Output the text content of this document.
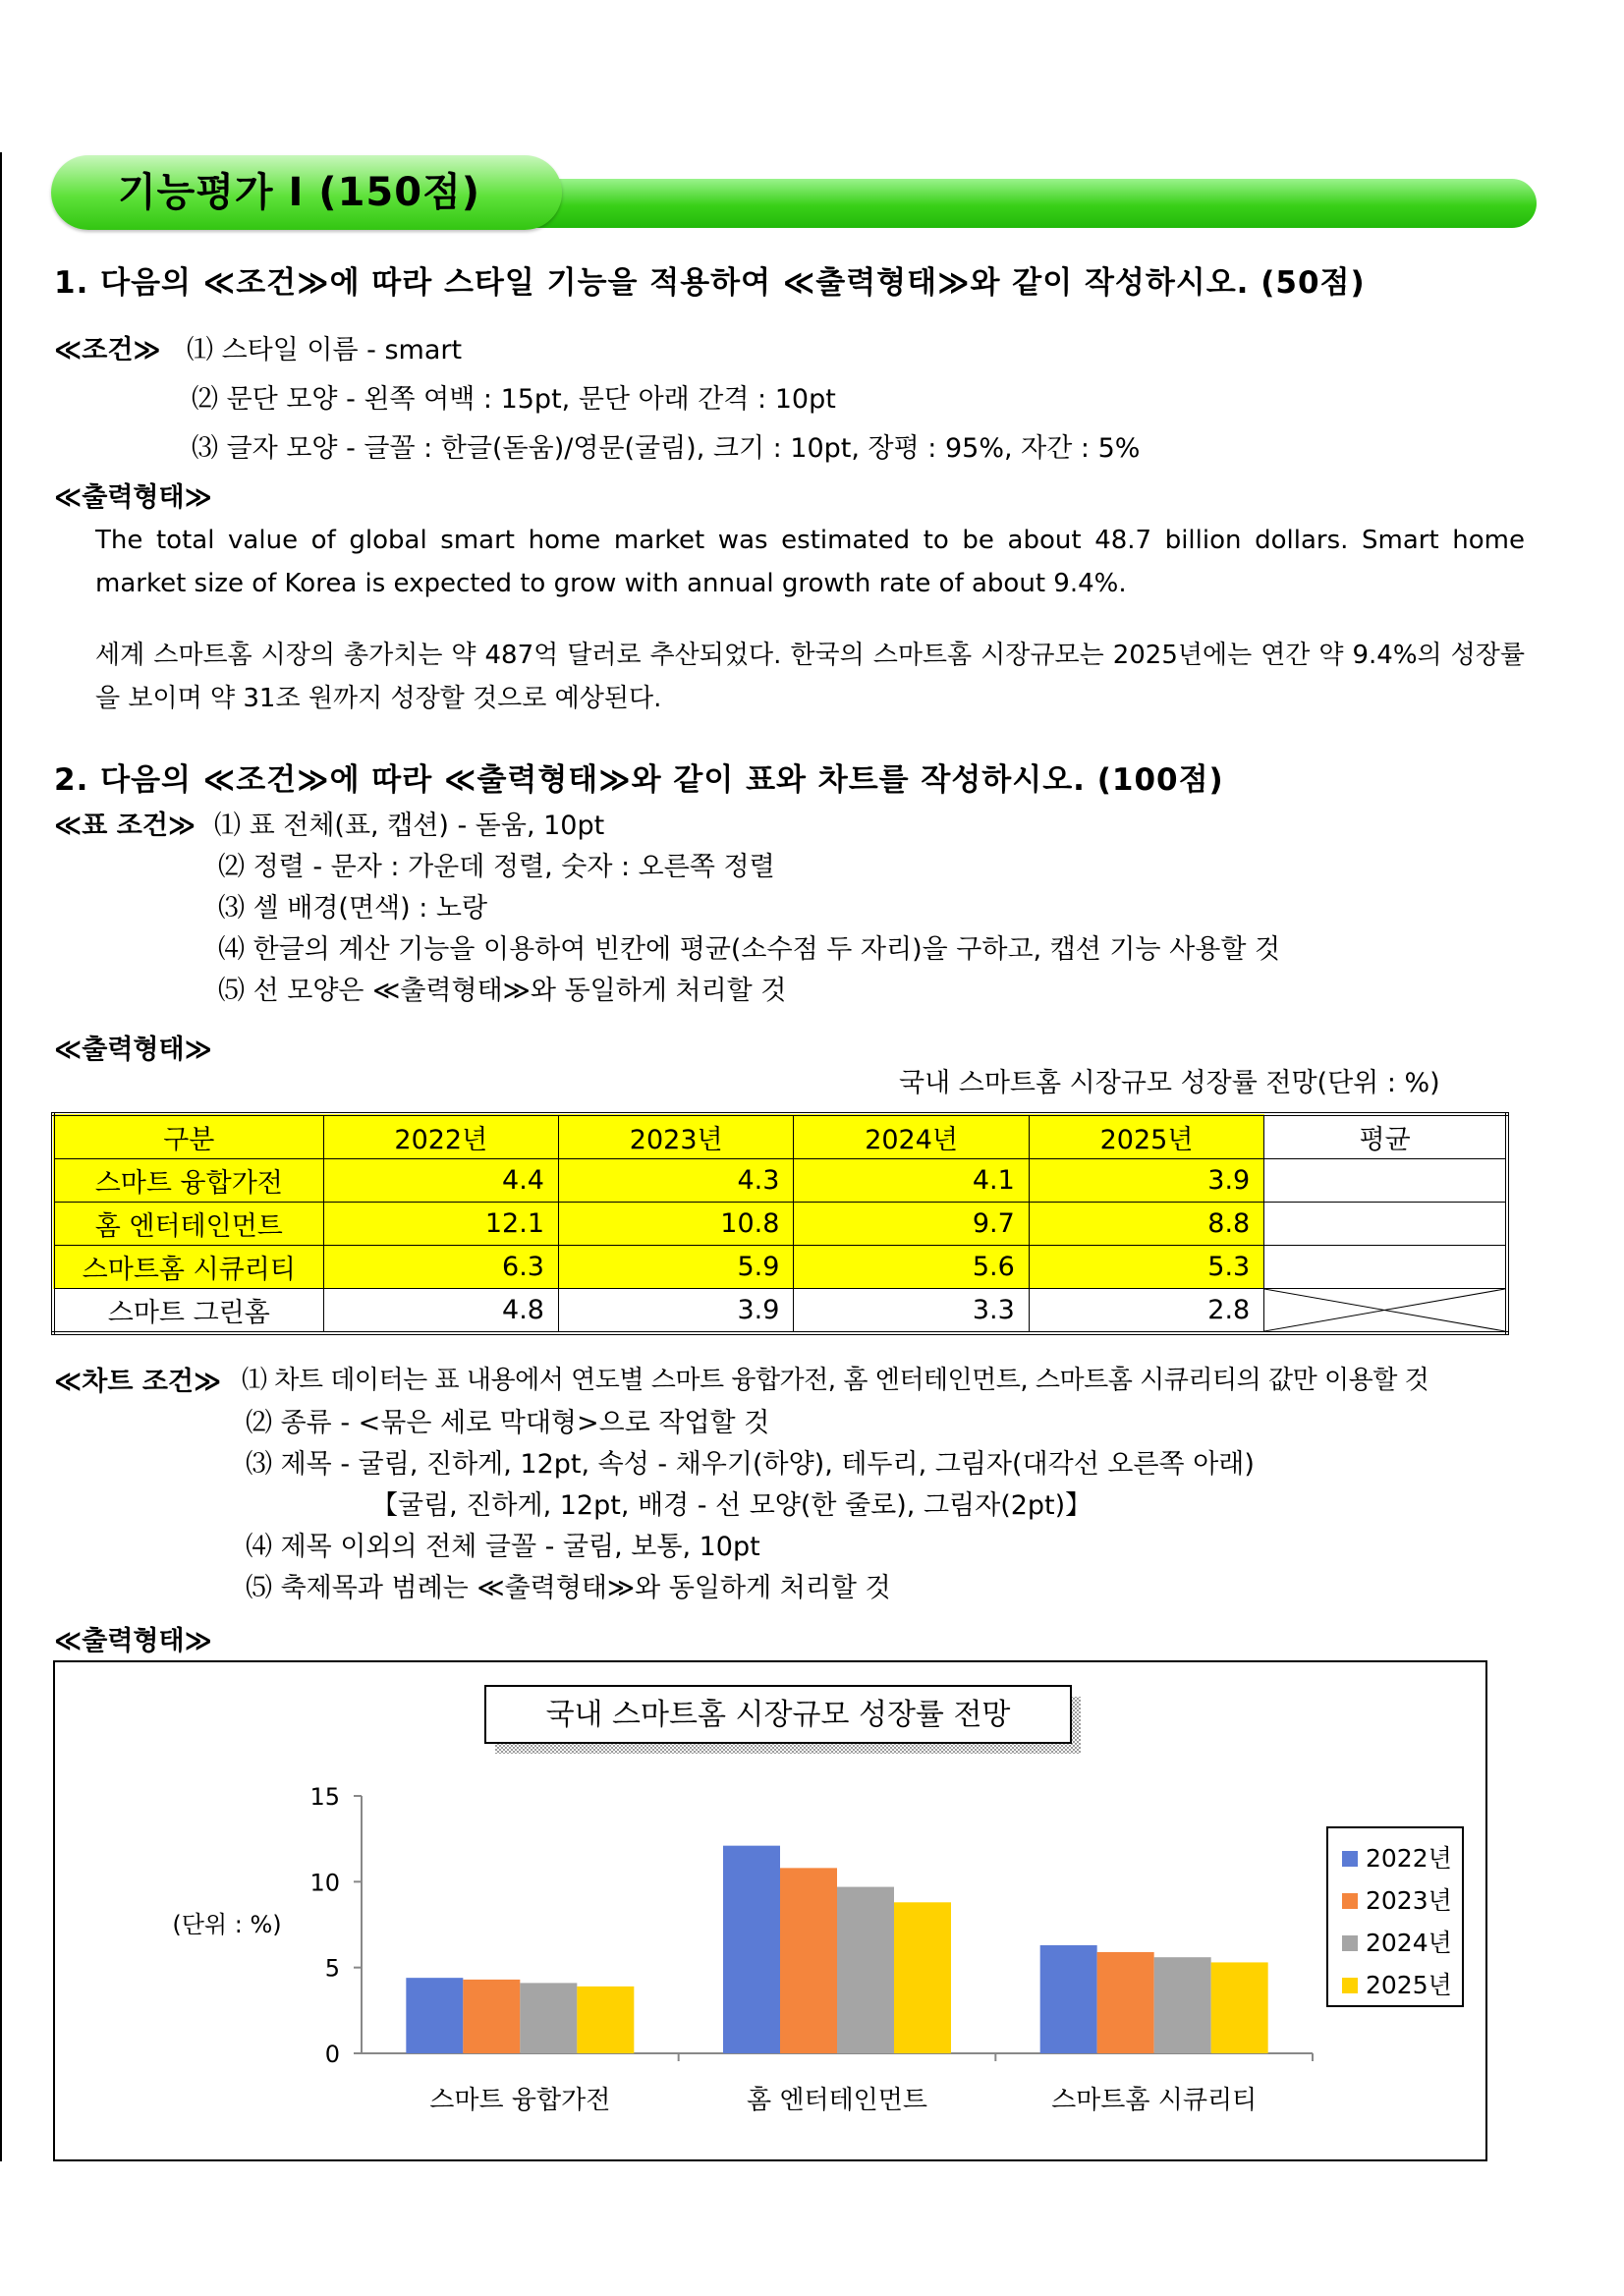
기능평가 Ⅰ (150점)
1. 다음의 ≪조건≫에 따라 스타일 기능을 적용하여 ≪출력형태≫와 같이 작성하시오. (50점)
≪조건≫ ⑴ 스타일 이름 - smart
⑵ 문단 모양 - 왼쪽 여백 : 15pt, 문단 아래 간격 : 10pt
⑶ 글자 모양 - 글꼴 : 한글(돋움)/영문(굴림), 크기 : 10pt, 장평 : 95%, 자간 : 5%
≪출력형태≫
The total value of global smart home market was estimated to be about 48.7 billion dollars. Smart home market size of Korea is expected to grow with annual growth rate of about 9.4%.
세계 스마트홈 시장의 총가치는 약 487억 달러로 추산되었다. 한국의 스마트홈 시장규모는 2025년에는 연간 약 9.4%의 성장률을 보이며 약 31조 원까지 성장할 것으로 예상된다.
2. 다음의 ≪조건≫에 따라 ≪출력형태≫와 같이 표와 차트를 작성하시오. (100점)
≪표 조건≫ ⑴ 표 전체(표, 캡션) - 돋움, 10pt
⑵ 정렬 - 문자 : 가운데 정렬, 숫자 : 오른쪽 정렬
⑶ 셀 배경(면색) : 노랑
⑷ 한글의 계산 기능을 이용하여 빈칸에 평균(소수점 두 자리)을 구하고, 캡션 기능 사용할 것
⑸ 선 모양은 ≪출력형태≫와 동일하게 처리할 것
≪출력형태≫
국내 스마트홈 시장규모 성장률 전망(단위 : %)
구분	2022년	2023년	2024년	2025년	평균
스마트 융합가전	4.4	4.3	4.1	3.9	
홈 엔터테인먼트	12.1	10.8	9.7	8.8	
스마트홈 시큐리티	6.3	5.9	5.6	5.3	
스마트 그린홈	4.8	3.9	3.3	2.8	
≪차트 조건≫ ⑴ 차트 데이터는 표 내용에서 연도별 스마트 융합가전, 홈 엔터테인먼트, 스마트홈 시큐리티의 값만 이용할 것
⑵ 종류 - <묶은 세로 막대형>으로 작업할 것
⑶ 제목 - 굴림, 진하게, 12pt, 속성 - 채우기(하양), 테두리, 그림자(대각선 오른쪽 아래)
【굴림, 진하게, 12pt, 배경 - 선 모양(한 줄로), 그림자(2pt)】
⑷ 제목 이외의 전체 글꼴 - 굴림, 보통, 10pt
⑸ 축제목과 범례는 ≪출력형태≫와 동일하게 처리할 것
≪출력형태≫
국내 스마트홈 시장규모 성장률 전망
(단위 : %)
0
5
10
15
스마트 융합가전	홈 엔터테인먼트	스마트홈 시큐리티
2022년
2023년
2024년
2025년
